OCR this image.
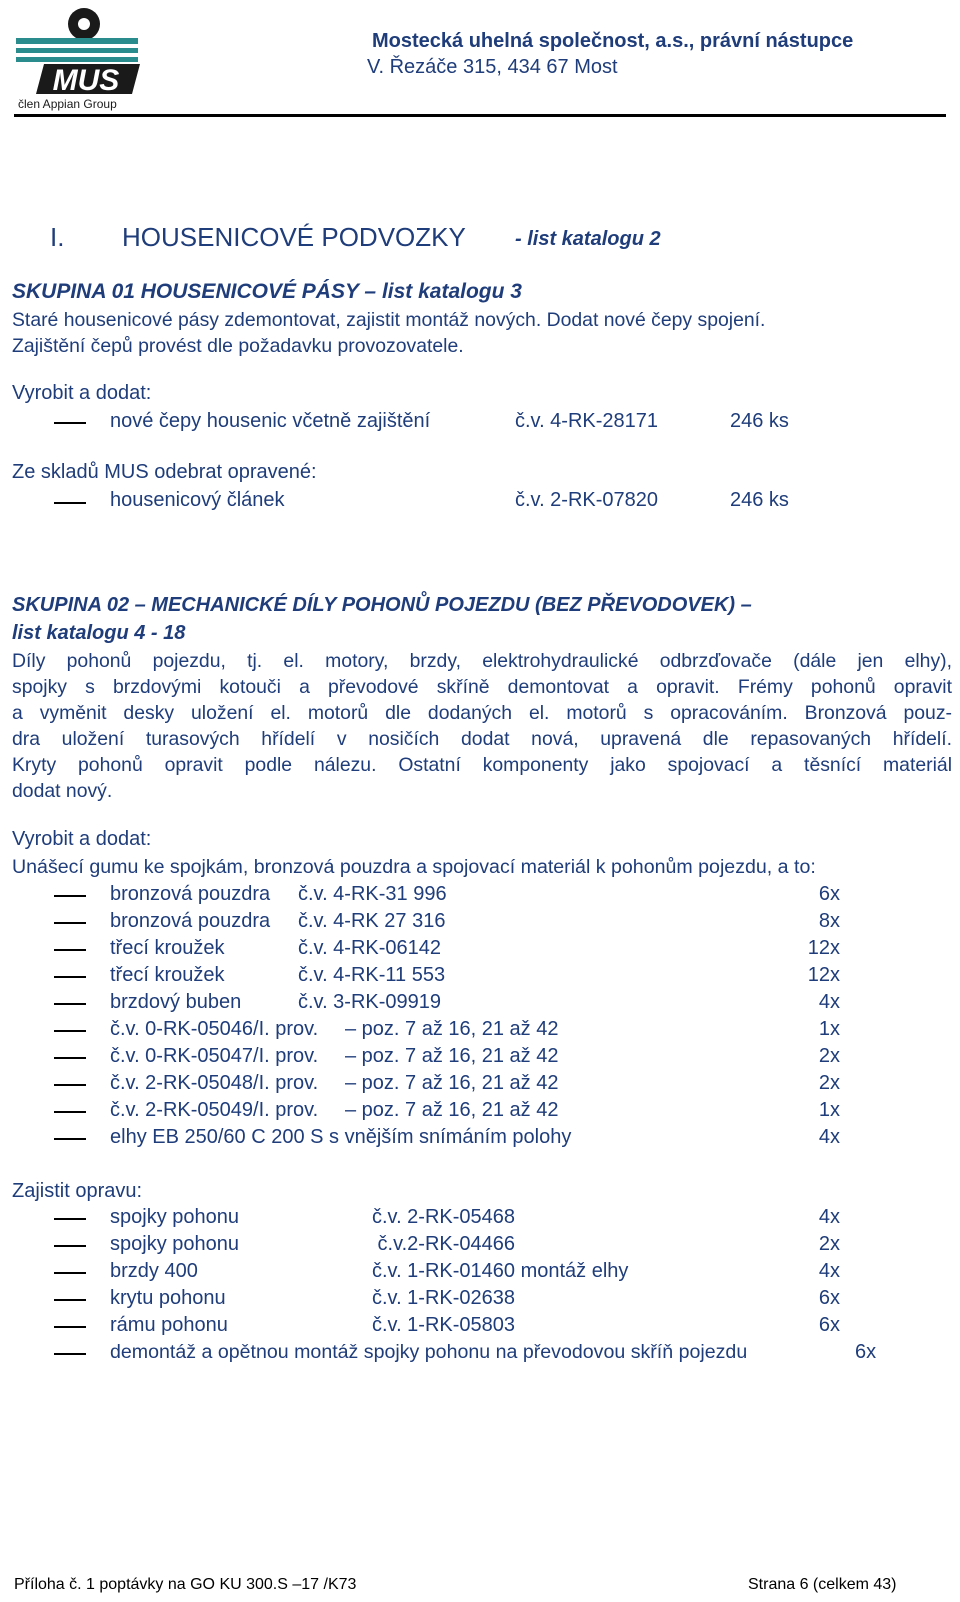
MUS
člen Appian Group
Mostecká uhelná společnost, a.s., právní nástupce
V. Řezáče 315, 434 67 Most
I. HOUSENICOVÉ PODVOZKY - list katalogu 2
SKUPINA 01 HOUSENICOVÉ PÁSY – list katalogu 3
Staré housenicové pásy zdemontovat, zajistit montáž nových. Dodat nové čepy spojení.
Zajištění čepů provést dle požadavku provozovatele.
Vyrobit a dodat:
nové čepy housenic včetně zajištění	č.v. 4-RK-28171	246 ks
Ze skladů MUS odebrat opravené:
housenicový článek	č.v. 2-RK-07820	246 ks
SKUPINA 02 – MECHANICKÉ DÍLY POHONŮ POJEZDU (BEZ PŘEVODOVEK) –
list katalogu 4 - 18
Díly pohonů pojezdu, tj. el. motory, brzdy, elektrohydraulické odbrzďovače (dále jen elhy),
spojky s brzdovými kotouči a převodové skříně demontovat a opravit. Frémy pohonů opravit
a vyměnit desky uložení el. motorů dle dodaných el. motorů s opracováním. Bronzová pouz-
dra uložení turasových hřídelí v nosičích dodat nová, upravená dle repasovaných hřídelí.
Kryty pohonů opravit podle nálezu. Ostatní komponenty jako spojovací a těsnící materiál
dodat nový.
Vyrobit a dodat:
Unášecí gumu ke spojkám, bronzová pouzdra a spojovací materiál k pohonům pojezdu, a to:
bronzová pouzdra č.v. 4-RK-31 996	6x
bronzová pouzdra č.v. 4-RK 27 316	8x
třecí kroužek	č.v. 4-RK-06142	12x
třecí kroužek	č.v. 4-RK-11 553	12x
brzdový buben	č.v. 3-RK-09919	4x
č.v. 0-RK-05046/I. prov. – poz. 7 až 16, 21 až 42	1x
č.v. 0-RK-05047/I. prov. – poz. 7 až 16, 21 až 42	2x
č.v. 2-RK-05048/I. prov. – poz. 7 až 16, 21 až 42	2x
č.v. 2-RK-05049/I. prov. – poz. 7 až 16, 21 až 42	1x
elhy EB 250/60 C 200 S s vnějším snímáním polohy	4x
Zajistit opravu:
spojky pohonu	č.v. 2-RK-05468	4x
spojky pohonu	č.v.2-RK-04466	2x
brzdy 400	č.v. 1-RK-01460 montáž elhy	4x
krytu pohonu	č.v. 1-RK-02638	6x
rámu pohonu	č.v. 1-RK-05803	6x
demontáž a opětnou montáž spojky pohonu na převodovou skříň pojezdu	6x
Příloha č. 1 poptávky na GO KU 300.S –17 /K73	Strana 6 (celkem 43)
